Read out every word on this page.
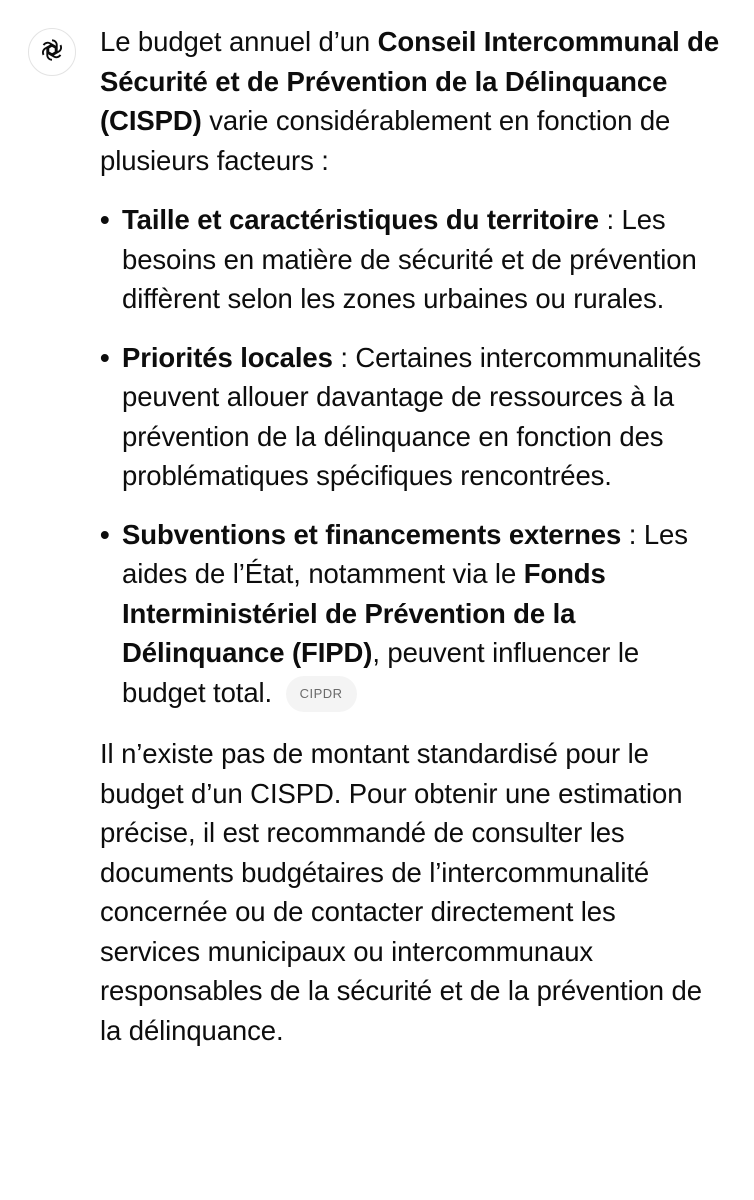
Le budget annuel d’un Conseil Intercommunal de Sécurité et de Prévention de la Délinquance (CISPD) varie considérablement en fonction de plusieurs facteurs :

• Taille et caractéristiques du territoire : Les besoins en matière de sécurité et de prévention diffèrent selon les zones urbaines ou rurales.
• Priorités locales : Certaines intercommunalités peuvent allouer davantage de ressources à la prévention de la délinquance en fonction des problématiques spécifiques rencontrées.
• Subventions et financements externes : Les aides de l’État, notamment via le Fonds Interministériel de Prévention de la Délinquance (FIPD), peuvent influencer le budget total. CIPDR

Il n’existe pas de montant standardisé pour le budget d’un CISPD. Pour obtenir une estimation précise, il est recommandé de consulter les documents budgétaires de l’intercommunalité concernée ou de contacter directement les services municipaux ou intercommunaux responsables de la sécurité et de la prévention de la délinquance.
